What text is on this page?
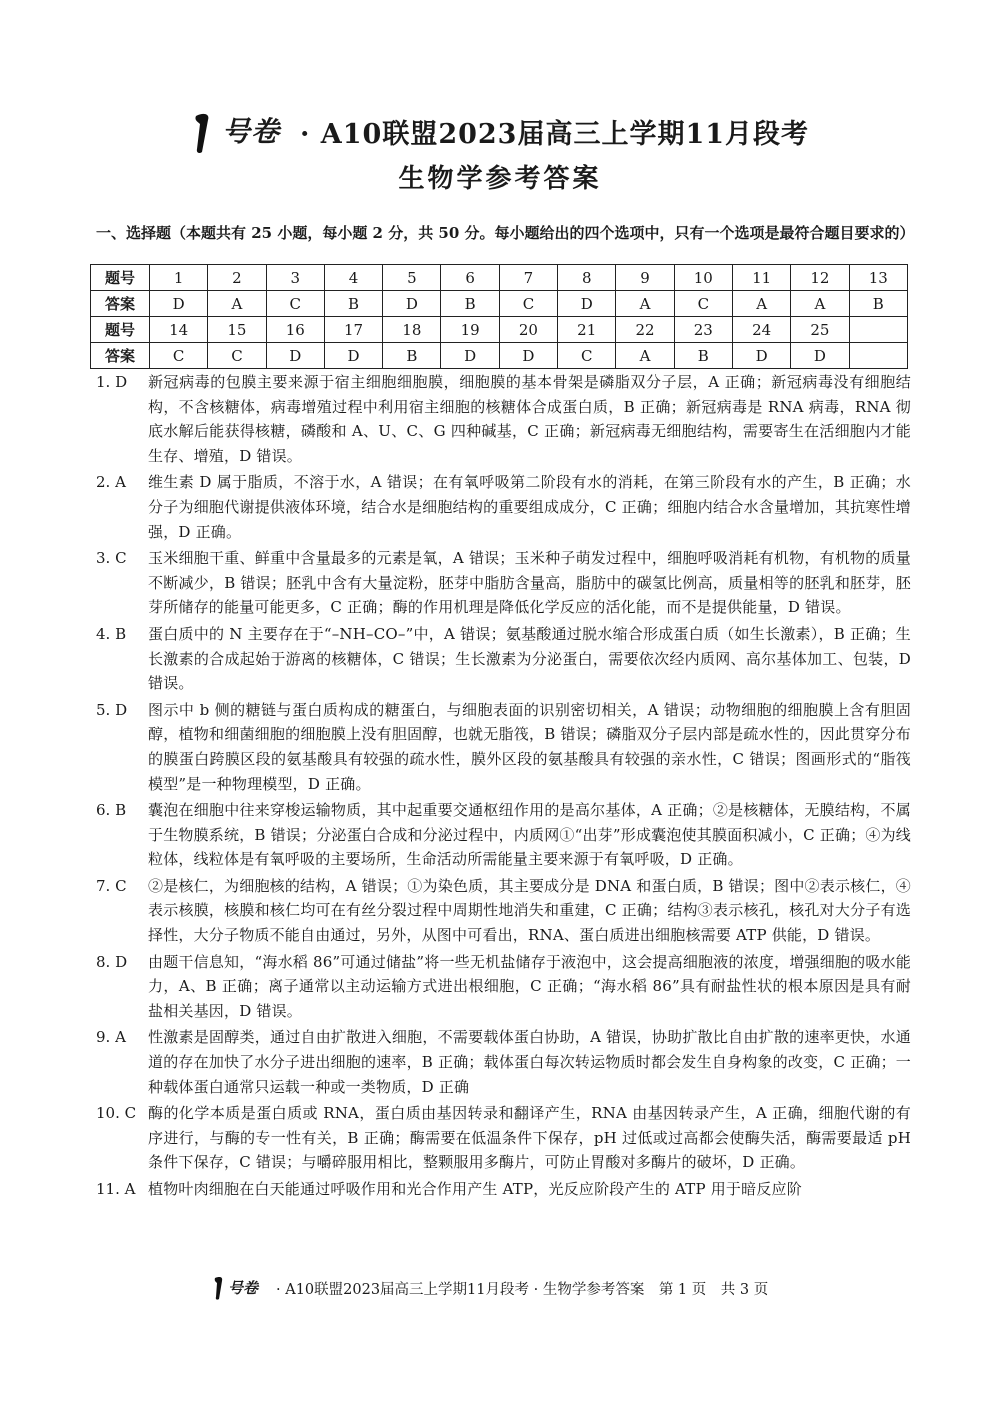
号卷 · A10联盟2023届高三上学期11月段考
生物学参考答案
一、选择题（本题共有 25 小题，每小题 2 分，共 50 分。每小题给出的四个选项中，只有一个选项是最符合题目要求的）
题号	1	2	3	4	5	6	7	8	9	10	11	12	13
答案	D	A	C	B	D	B	C	D	A	C	A	A	B
题号	14	15	16	17	18	19	20	21	22	23	24	25	
答案	C	C	D	D	B	D	D	C	A	B	D	D	
1. D 新冠病毒的包膜主要来源于宿主细胞细胞膜，细胞膜的基本骨架是磷脂双分子层，A 正确；新冠病毒没有细胞结构，不含核糖体，病毒增殖过程中利用宿主细胞的核糖体合成蛋白质，B 正确；新冠病毒是 RNA 病毒，RNA 彻底水解后能获得核糖，磷酸和 A、U、C、G 四种碱基，C 正确；新冠病毒无细胞结构，需要寄生在活细胞内才能生存、增殖，D 错误。
2. A 维生素 D 属于脂质，不溶于水，A 错误；在有氧呼吸第二阶段有水的消耗，在第三阶段有水的产生，B 正确；水分子为细胞代谢提供液体环境，结合水是细胞结构的重要组成成分，C 正确；细胞内结合水含量增加，其抗寒性增强，D 正确。
3. C 玉米细胞干重、鲜重中含量最多的元素是氧，A 错误；玉米种子萌发过程中，细胞呼吸消耗有机物，有机物的质量不断减少，B 错误；胚乳中含有大量淀粉，胚芽中脂肪含量高，脂肪中的碳氢比例高，质量相等的胚乳和胚芽，胚芽所储存的能量可能更多，C 正确；酶的作用机理是降低化学反应的活化能，而不是提供能量，D 错误。
4. B 蛋白质中的 N 主要存在于“–NH–CO–”中，A 错误；氨基酸通过脱水缩合形成蛋白质（如生长激素），B 正确；生长激素的合成起始于游离的核糖体，C 错误；生长激素为分泌蛋白，需要依次经内质网、高尔基体加工、包装，D 错误。
5. D 图示中 b 侧的糖链与蛋白质构成的糖蛋白，与细胞表面的识别密切相关，A 错误；动物细胞的细胞膜上含有胆固醇，植物和细菌细胞的细胞膜上没有胆固醇，也就无脂筏，B 错误；磷脂双分子层内部是疏水性的，因此贯穿分布的膜蛋白跨膜区段的氨基酸具有较强的疏水性，膜外区段的氨基酸具有较强的亲水性，C 错误；图画形式的“脂筏模型”是一种物理模型，D 正确。
6. B 囊泡在细胞中往来穿梭运输物质，其中起重要交通枢纽作用的是高尔基体，A 正确；②是核糖体，无膜结构，不属于生物膜系统，B 错误；分泌蛋白合成和分泌过程中，内质网①“出芽”形成囊泡使其膜面积减小，C 正确；④为线粒体，线粒体是有氧呼吸的主要场所，生命活动所需能量主要来源于有氧呼吸，D 正确。
7. C ②是核仁，为细胞核的结构，A 错误；①为染色质，其主要成分是 DNA 和蛋白质，B 错误；图中②表示核仁，④表示核膜，核膜和核仁均可在有丝分裂过程中周期性地消失和重建，C 正确；结构③表示核孔，核孔对大分子有选择性，大分子物质不能自由通过，另外，从图中可看出，RNA、蛋白质进出细胞核需要 ATP 供能，D 错误。
8. D 由题干信息知，“海水稻 86”可通过储盐”将一些无机盐储存于液泡中，这会提高细胞液的浓度，增强细胞的吸水能力，A、B 正确；离子通常以主动运输方式进出根细胞，C 正确；“海水稻 86”具有耐盐性状的根本原因是具有耐盐相关基因，D 错误。
9. A 性激素是固醇类，通过自由扩散进入细胞，不需要载体蛋白协助，A 错误，协助扩散比自由扩散的速率更快，水通道的存在加快了水分子进出细胞的速率，B 正确；载体蛋白每次转运物质时都会发生自身构象的改变，C 正确；一种载体蛋白通常只运载一种或一类物质，D 正确
10. C 酶的化学本质是蛋白质或 RNA，蛋白质由基因转录和翻译产生，RNA 由基因转录产生，A 正确，细胞代谢的有序进行，与酶的专一性有关，B 正确；酶需要在低温条件下保存，pH 过低或过高都会使酶失活，酶需要最适 pH 条件下保存，C 错误；与嚼碎服用相比，整颗服用多酶片，可防止胃酸对多酶片的破坏，D 正确。
11. A 植物叶肉细胞在白天能通过呼吸作用和光合作用产生 ATP，光反应阶段产生的 ATP 用于暗反应阶
号卷 · A10联盟2023届高三上学期11月段考 · 生物学参考答案　第 1 页　共 3 页
